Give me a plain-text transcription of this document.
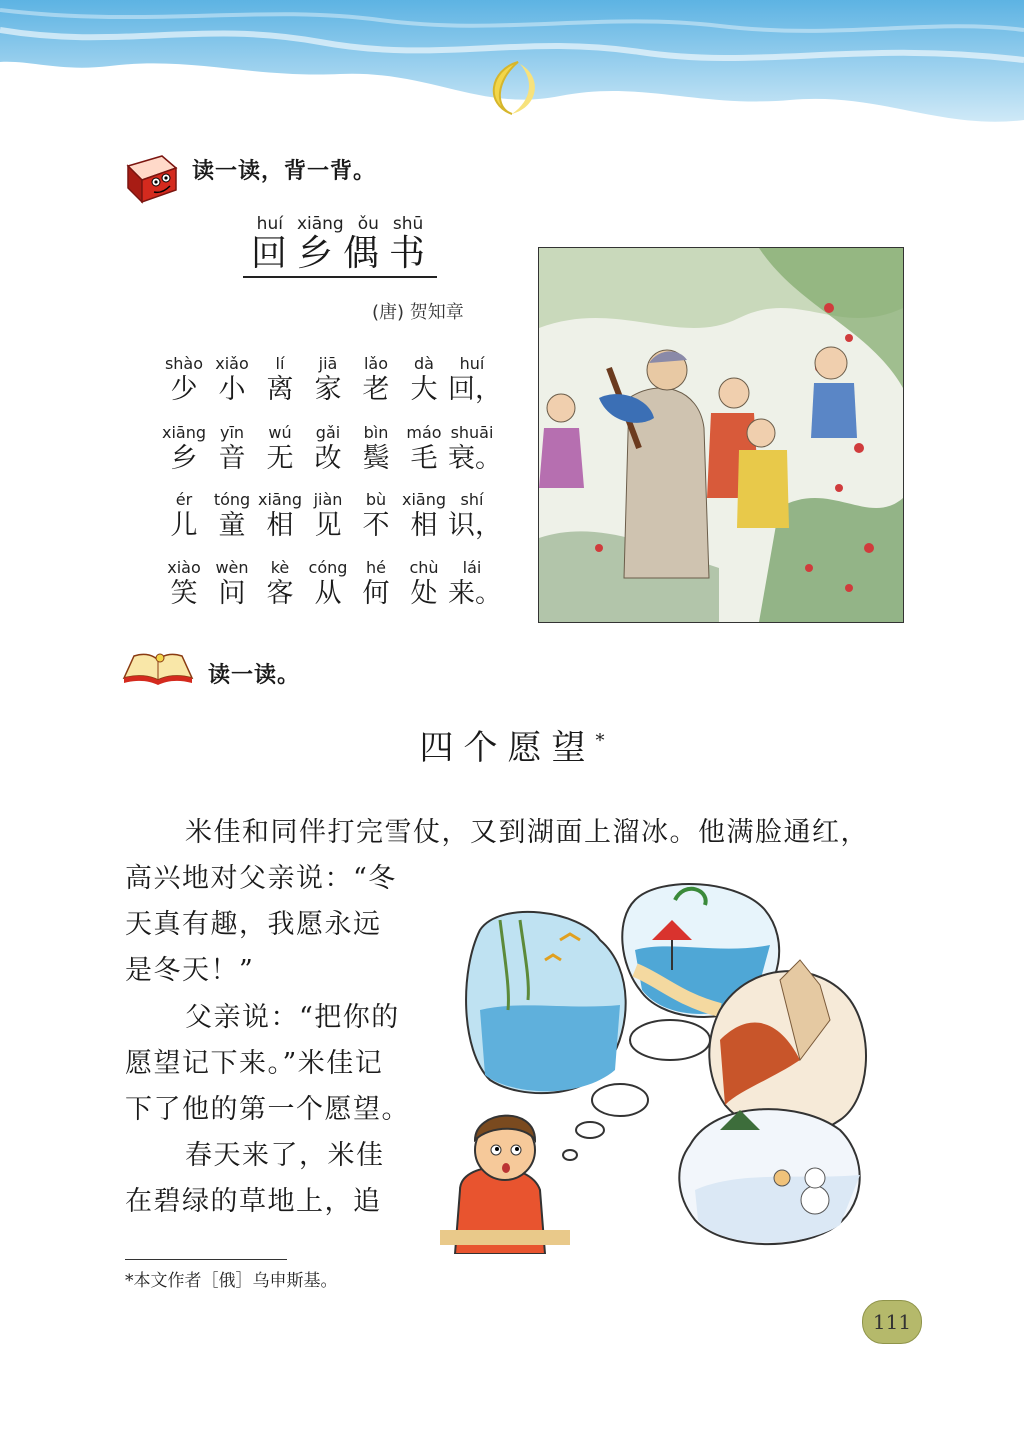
读一读，背一背。
huí xiāng ǒu shū
回乡偶书
(唐) 贺知章
shào xiǎo	lí	jiā	lǎo	dà	huí
少 小 离 家 老 大 回，
xiāng yīn	wú	gǎi	bìn	máo shuāi
乡 音 无 改 鬓 毛 衰。
ér	tóng xiāng jiàn	bù xiāng shí
儿 童 相 见 不 相 识，
xiào wèn	kè	cóng	hé	chù	lái
笑 问 客 从 何 处 来。
读一读。
四个愿望*
米佳和同伴打完雪仗，又到湖面上溜冰。他满脸通红，
高兴地对父亲说：“冬
天真有趣，我愿永远
是冬天！”
父亲说：“把你的
愿望记下来。”米佳记
下了他的第一个愿望。
春天来了，米佳
在碧绿的草地上，追
*本文作者［俄］乌申斯基。
111
